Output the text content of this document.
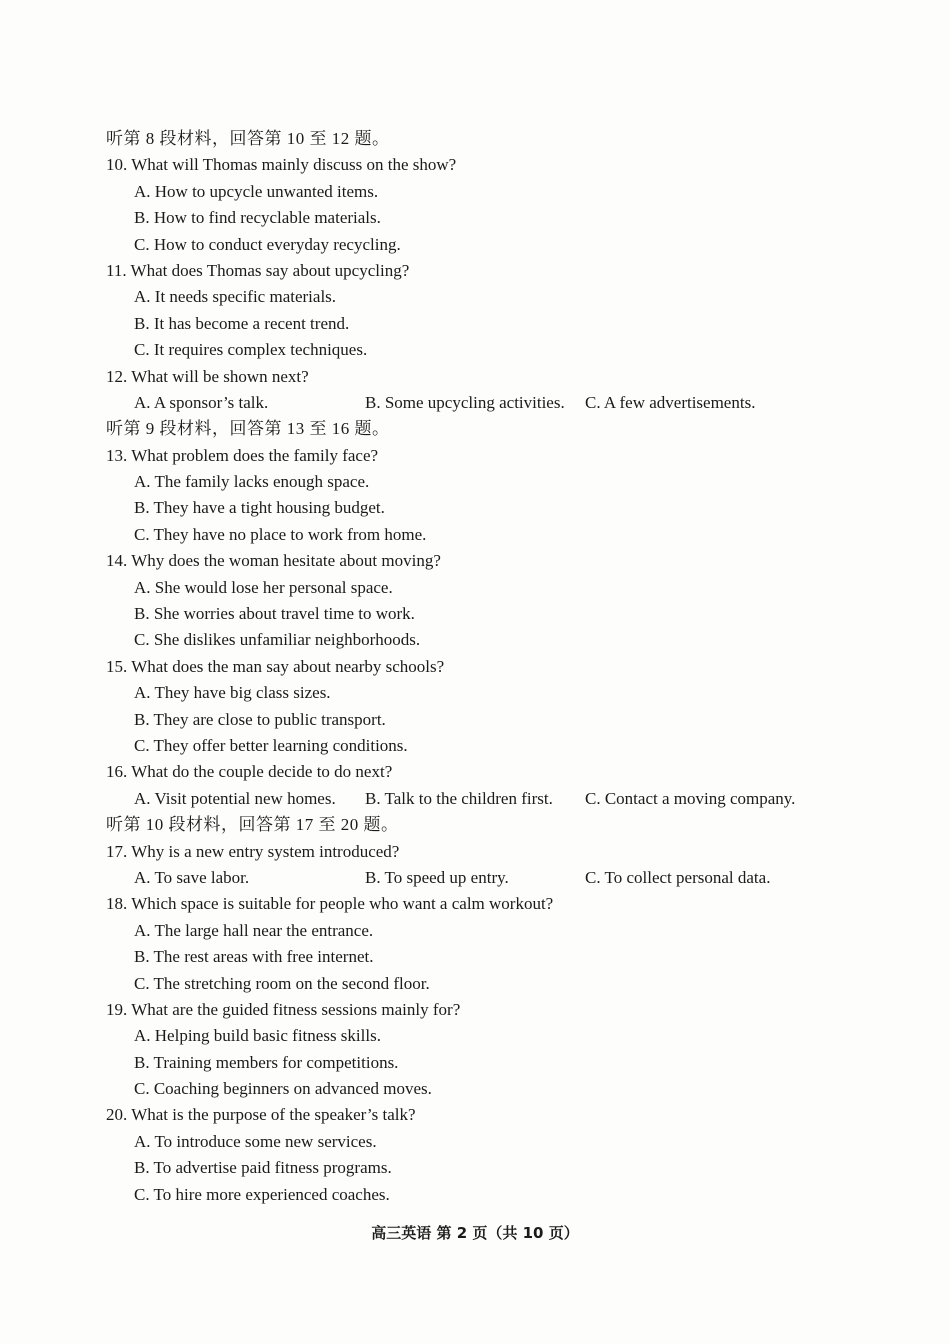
听第 8 段材料，回答第 10 至 12 题。
10. What will Thomas mainly discuss on the show?
A. How to upcycle unwanted items.
B. How to find recyclable materials.
C. How to conduct everyday recycling.
11. What does Thomas say about upcycling?
A. It needs specific materials.
B. It has become a recent trend.
C. It requires complex techniques.
12. What will be shown next?
A. A sponsor’s talk.	B. Some upcycling activities. C. A few advertisements.
听第 9 段材料，回答第 13 至 16 题。
13. What problem does the family face?
A. The family lacks enough space.
B. They have a tight housing budget.
C. They have no place to work from home.
14. Why does the woman hesitate about moving?
A. She would lose her personal space.
B. She worries about travel time to work.
C. She dislikes unfamiliar neighborhoods.
15. What does the man say about nearby schools?
A. They have big class sizes.
B. They are close to public transport.
C. They offer better learning conditions.
16. What do the couple decide to do next?
A. Visit potential new homes. B. Talk to the children first. C. Contact a moving company.
听第 10 段材料，回答第 17 至 20 题。
17. Why is a new entry system introduced?
A. To save labor.	B. To speed up entry.	C. To collect personal data.
18. Which space is suitable for people who want a calm workout?
A. The large hall near the entrance.
B. The rest areas with free internet.
C. The stretching room on the second floor.
19. What are the guided fitness sessions mainly for?
A. Helping build basic fitness skills.
B. Training members for competitions.
C. Coaching beginners on advanced moves.
20. What is the purpose of the speaker’s talk?
A. To introduce some new services.
B. To advertise paid fitness programs.
C. To hire more experienced coaches.
高三英语 第 2 页（共 10 页）
